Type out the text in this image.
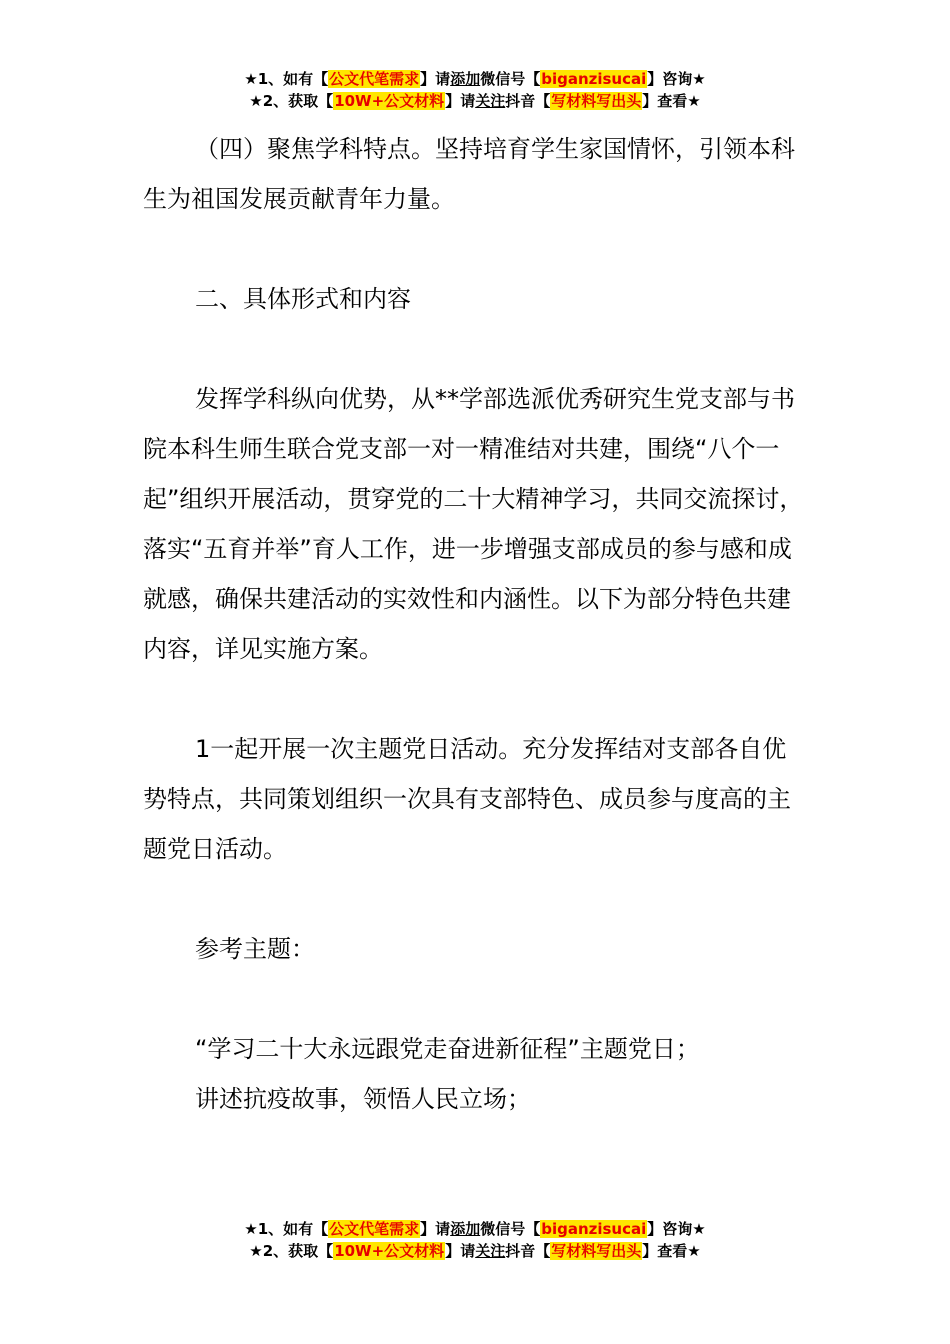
★1、如有【公文代笔需求】请添加微信号【biganzisucai】咨询★
★2、获取【10W+公文材料】请关注抖音【写材料写出头】查看★

（四）聚焦学科特点。坚持培育学生家国情怀，引领本科生为祖国发展贡献青年力量。

二、具体形式和内容

发挥学科纵向优势，从**学部选派优秀研究生党支部与书院本科生师生联合党支部一对一精准结对共建，围绕“八个一起”组织开展活动，贯穿党的二十大精神学习，共同交流探讨，落实“五育并举”育人工作，进一步增强支部成员的参与感和成就感，确保共建活动的实效性和内涵性。以下为部分特色共建内容，详见实施方案。

1一起开展一次主题党日活动。充分发挥结对支部各自优势特点，共同策划组织一次具有支部特色、成员参与度高的主题党日活动。

参考主题：

“学习二十大永远跟党走奋进新征程”主题党日；

讲述抗疫故事，领悟人民立场；

★1、如有【公文代笔需求】请添加微信号【biganzisucai】咨询★
★2、获取【10W+公文材料】请关注抖音【写材料写出头】查看★
